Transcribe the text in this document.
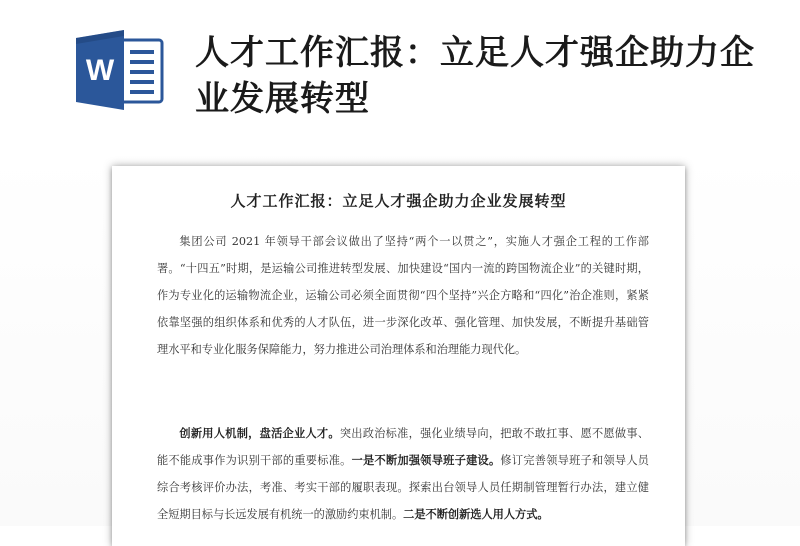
W 人才工作汇报：立足人才强企助力企业发展转型
人才工作汇报：立足人才强企助力企业发展转型

集团公司 2021 年领导干部会议做出了坚持“两个一以贯之”，实施人才强企工程的工作部署。“十四五”时期，是运输公司推进转型发展、加快建设“国内一流的跨国物流企业”的关键时期，作为专业化的运输物流企业，运输公司必须全面贯彻“四个坚持”兴企方略和“四化”治企准则，紧紧依靠坚强的组织体系和优秀的人才队伍，进一步深化改革、强化管理、加快发展，不断提升基础管理水平和专业化服务保障能力，努力推进公司治理体系和治理能力现代化。

创新用人机制，盘活企业人才。突出政治标准，强化业绩导向，把敢不敢扛事、愿不愿做事、能不能成事作为识别干部的重要标准。一是不断加强领导班子建设。修订完善领导班子和领导人员综合考核评价办法，考准、考实干部的履职表现。探索出台领导人员任期制管理暂行办法，建立健全短期目标与长远发展有机统一的激励约束机制。二是不断创新选人用人方式。
